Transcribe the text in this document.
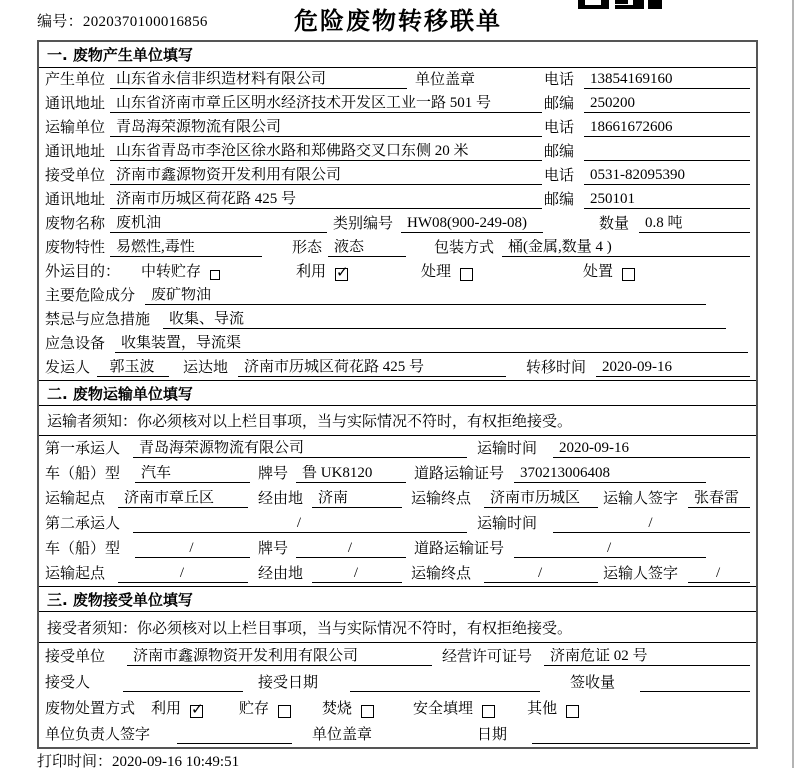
编号：2020370100016856	危险废物转移联单
一. 废物产生单位填写
产生单位 山东省永信非织造材料有限公司	单位盖章	电话	13854169160
通讯地址 山东省济南市章丘区明水经济技术开发区工业一路 501 号	邮编	250200
运输单位 青岛海荣源物流有限公司	电话	18661672606
通讯地址 山东省青岛市李沧区徐水路和郑佛路交叉口东侧 20 米	邮编
接受单位 济南市鑫源物资开发利用有限公司	电话	0531-82095390
通讯地址 济南市历城区荷花路 425 号	邮编	250101
废物名称 废机油	类别编号 HW08(900-249-08)	数量	0.8 吨
废物特性 易燃性,毒性	形态 液态	包装方式 桶(金属,数量 4 )
外运目的：	中转贮存	利用 ✓	处理	处置
主要危险成分	废矿物油
禁忌与应急措施	收集、导流
应急设备	收集装置，导流渠
发运人	郭玉波	运达地	济南市历城区荷花路 425 号	转移时间	2020-09-16
二. 废物运输单位填写
运输者须知：你必须核对以上栏目事项，当与实际情况不符时，有权拒绝接受。
第一承运人	青岛海荣源物流有限公司	运输时间	2020-09-16
车（船）型	汽车	牌号 鲁 UK8120	道路运输证号	370213006408
运输起点	济南市章丘区	经由地	济南	运输终点	济南市历城区	运输人签字	张春雷
第二承运人	/	运输时间	/
车（船）型	/	牌号	/	道路运输证号	/
运输起点	/	经由地	/	运输终点	/	运输人签字	/
三. 废物接受单位填写
接受者须知：你必须核对以上栏目事项，当与实际情况不符时，有权拒绝接受。
接受单位	济南市鑫源物资开发利用有限公司	经营许可证号	济南危证 02 号
接受人	接受日期	签收量
废物处置方式	利用 ✓	贮存	焚烧	安全填埋	其他
单位负责人签字	单位盖章	日期
打印时间：2020-09-16 10:49:51
